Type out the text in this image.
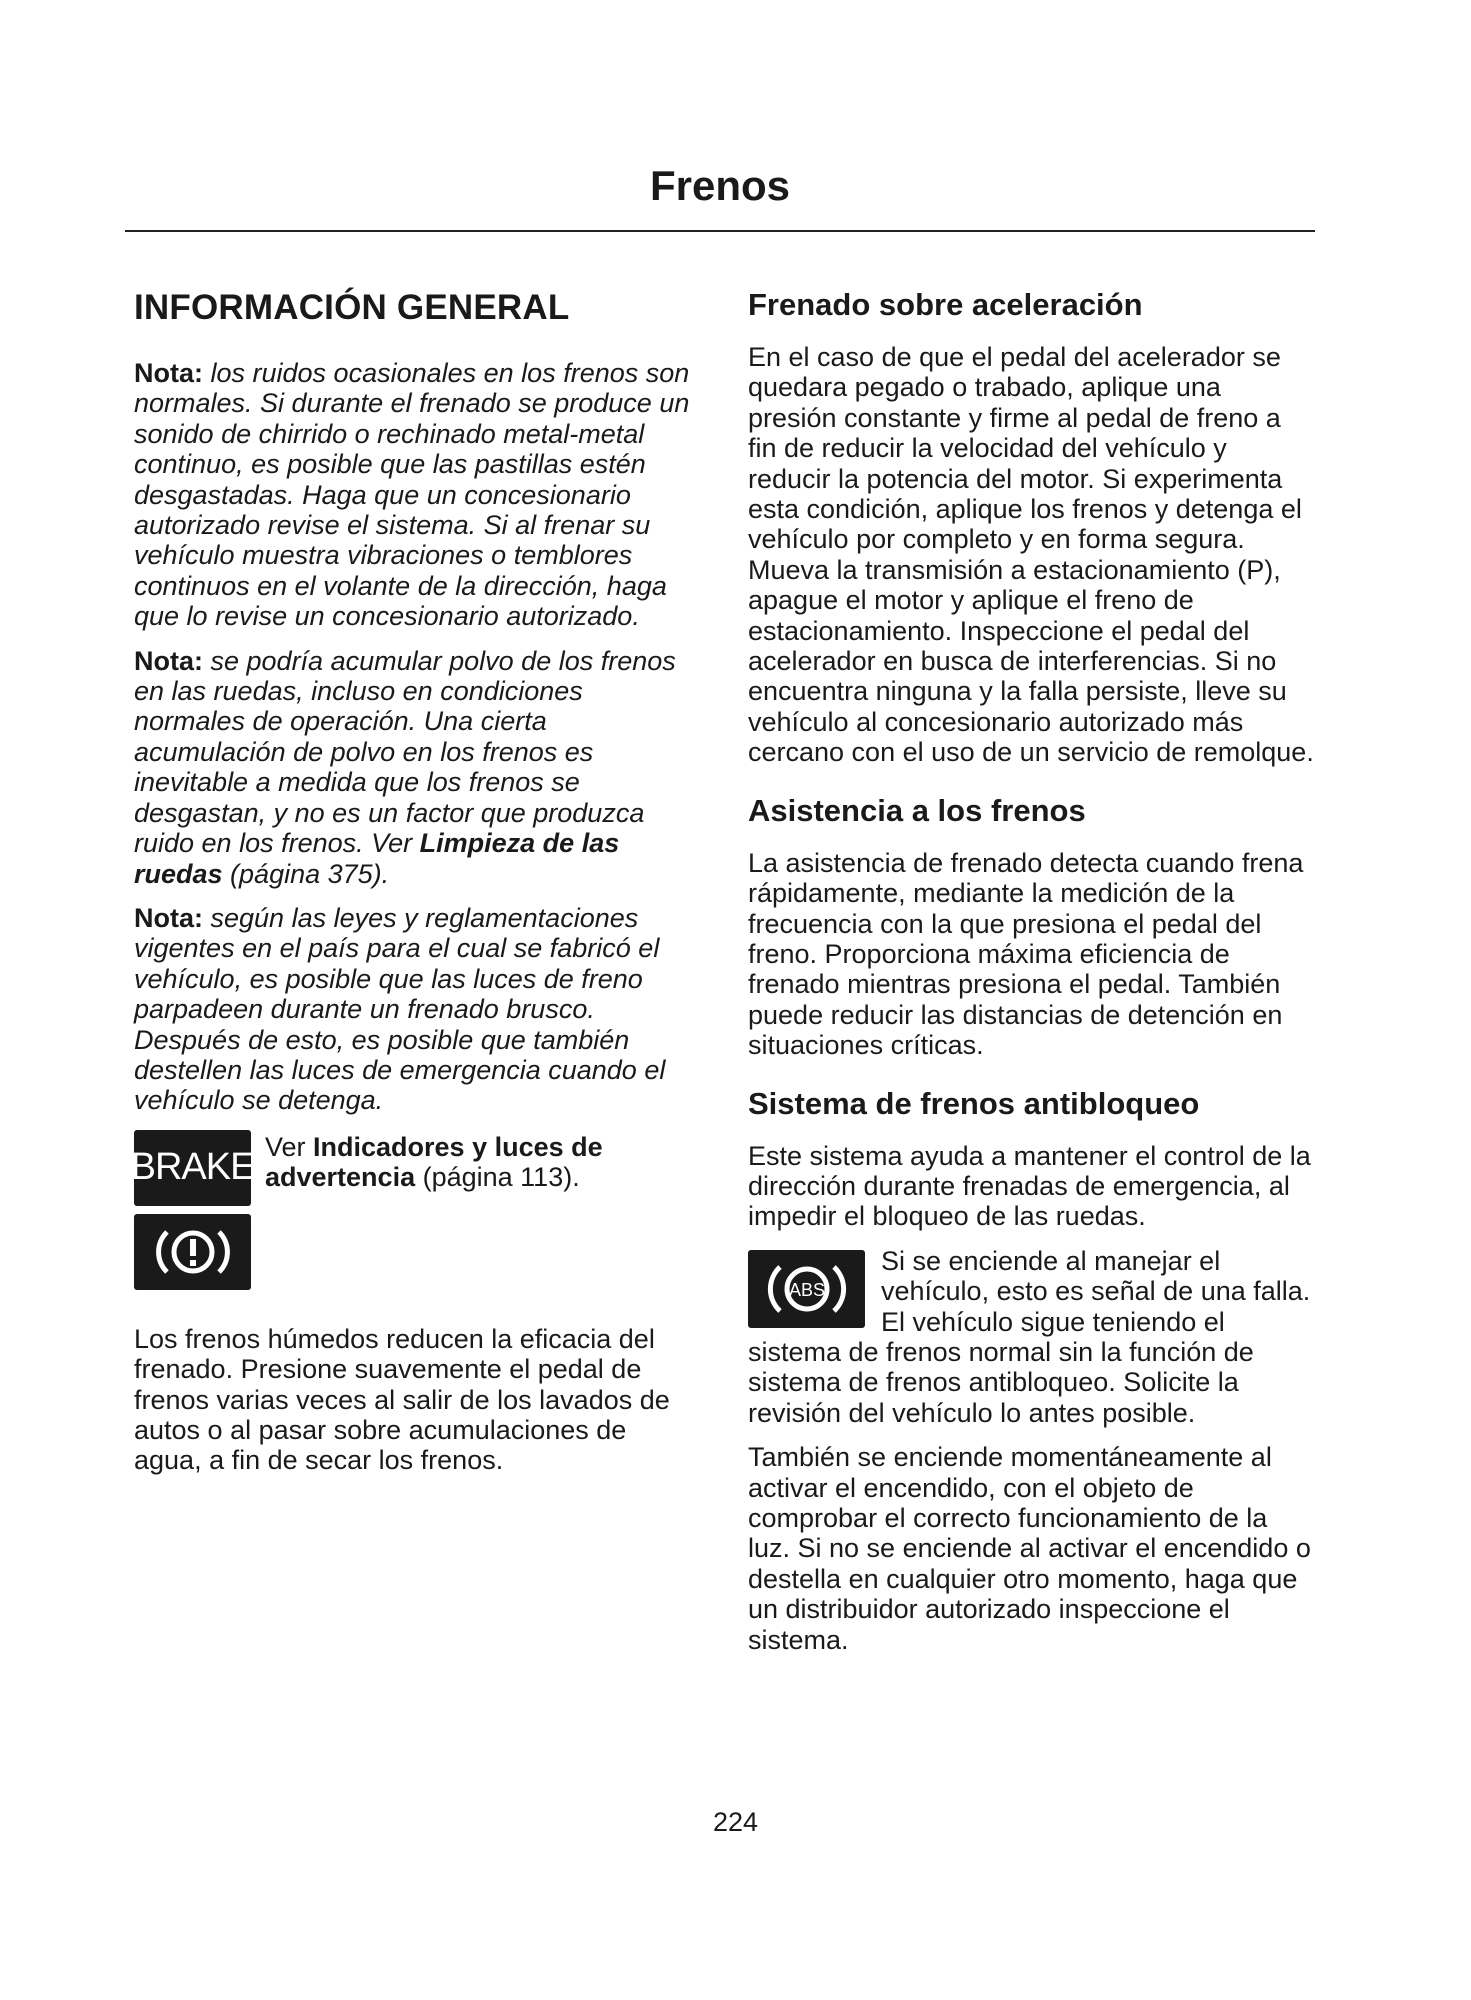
Frenos
INFORMACIÓN GENERAL

Nota: los ruidos ocasionales en los frenos son normales. Si durante el frenado se produce un sonido de chirrido o rechinado metal-metal continuo, es posible que las pastillas estén desgastadas. Haga que un concesionario autorizado revise el sistema. Si al frenar su vehículo muestra vibraciones o temblores continuos en el volante de la dirección, haga que lo revise un concesionario autorizado.

Nota: se podría acumular polvo de los frenos en las ruedas, incluso en condiciones normales de operación. Una cierta acumulación de polvo en los frenos es inevitable a medida que los frenos se desgastan, y no es un factor que produzca ruido en los frenos. Ver Limpieza de las ruedas (página 375).

Nota: según las leyes y reglamentaciones vigentes en el país para el cual se fabricó el vehículo, es posible que las luces de freno parpadeen durante un frenado brusco. Después de esto, es posible que también destellen las luces de emergencia cuando el vehículo se detenga.

BRAKE Ver Indicadores y luces de advertencia (página 113).

Los frenos húmedos reducen la eficacia del frenado. Presione suavemente el pedal de frenos varias veces al salir de los lavados de autos o al pasar sobre acumulaciones de agua, a fin de secar los frenos.

Frenado sobre aceleración

En el caso de que el pedal del acelerador se quedara pegado o trabado, aplique una presión constante y firme al pedal de freno a fin de reducir la velocidad del vehículo y reducir la potencia del motor. Si experimenta esta condición, aplique los frenos y detenga el vehículo por completo y en forma segura. Mueva la transmisión a estacionamiento (P), apague el motor y aplique el freno de estacionamiento. Inspeccione el pedal del acelerador en busca de interferencias. Si no encuentra ninguna y la falla persiste, lleve su vehículo al concesionario autorizado más cercano con el uso de un servicio de remolque.

Asistencia a los frenos

La asistencia de frenado detecta cuando frena rápidamente, mediante la medición de la frecuencia con la que presiona el pedal del freno. Proporciona máxima eficiencia de frenado mientras presiona el pedal. También puede reducir las distancias de detención en situaciones críticas.

Sistema de frenos antibloqueo

Este sistema ayuda a mantener el control de la dirección durante frenadas de emergencia, al impedir el bloqueo de las ruedas.

ABS

Si se enciende al manejar el vehículo, esto es señal de una falla. El vehículo sigue teniendo el sistema de frenos normal sin la función de sistema de frenos antibloqueo. Solicite la revisión del vehículo lo antes posible.

También se enciende momentáneamente al activar el encendido, con el objeto de comprobar el correcto funcionamiento de la luz. Si no se enciende al activar el encendido o destella en cualquier otro momento, haga que un distribuidor autorizado inspeccione el sistema.

224
